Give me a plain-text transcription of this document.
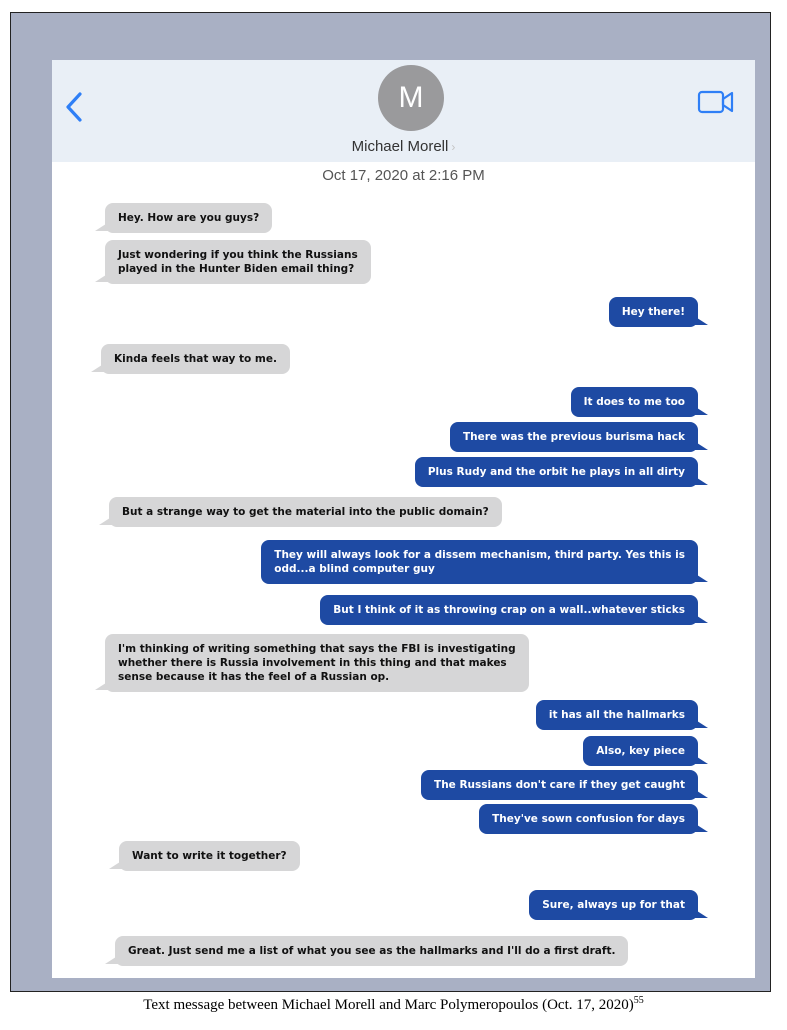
M
Michael Morell ›
Oct 17, 2020 at 2:16 PM
Hey. How are you guys?
Just wondering if you think the Russians
played in the Hunter Biden email thing?
Hey there!
Kinda feels that way to me.
It does to me too
There was the previous burisma hack
Plus Rudy and the orbit he plays in all dirty
But a strange way to get the material into the public domain?
They will always look for a dissem mechanism, third party. Yes this is
odd...a blind computer guy
But I think of it as throwing crap on a wall..whatever sticks
I'm thinking of writing something that says the FBI is investigating
whether there is Russia involvement in this thing and that makes
sense because it has the feel of a Russian op.
it has all the hallmarks
Also, key piece
The Russians don't care if they get caught
They've sown confusion for days
Want to write it together?
Sure, always up for that
Great. Just send me a list of what you see as the hallmarks and I'll do a first draft.
Text message between Michael Morell and Marc Polymeropoulos (Oct. 17, 2020)$^{55}$
